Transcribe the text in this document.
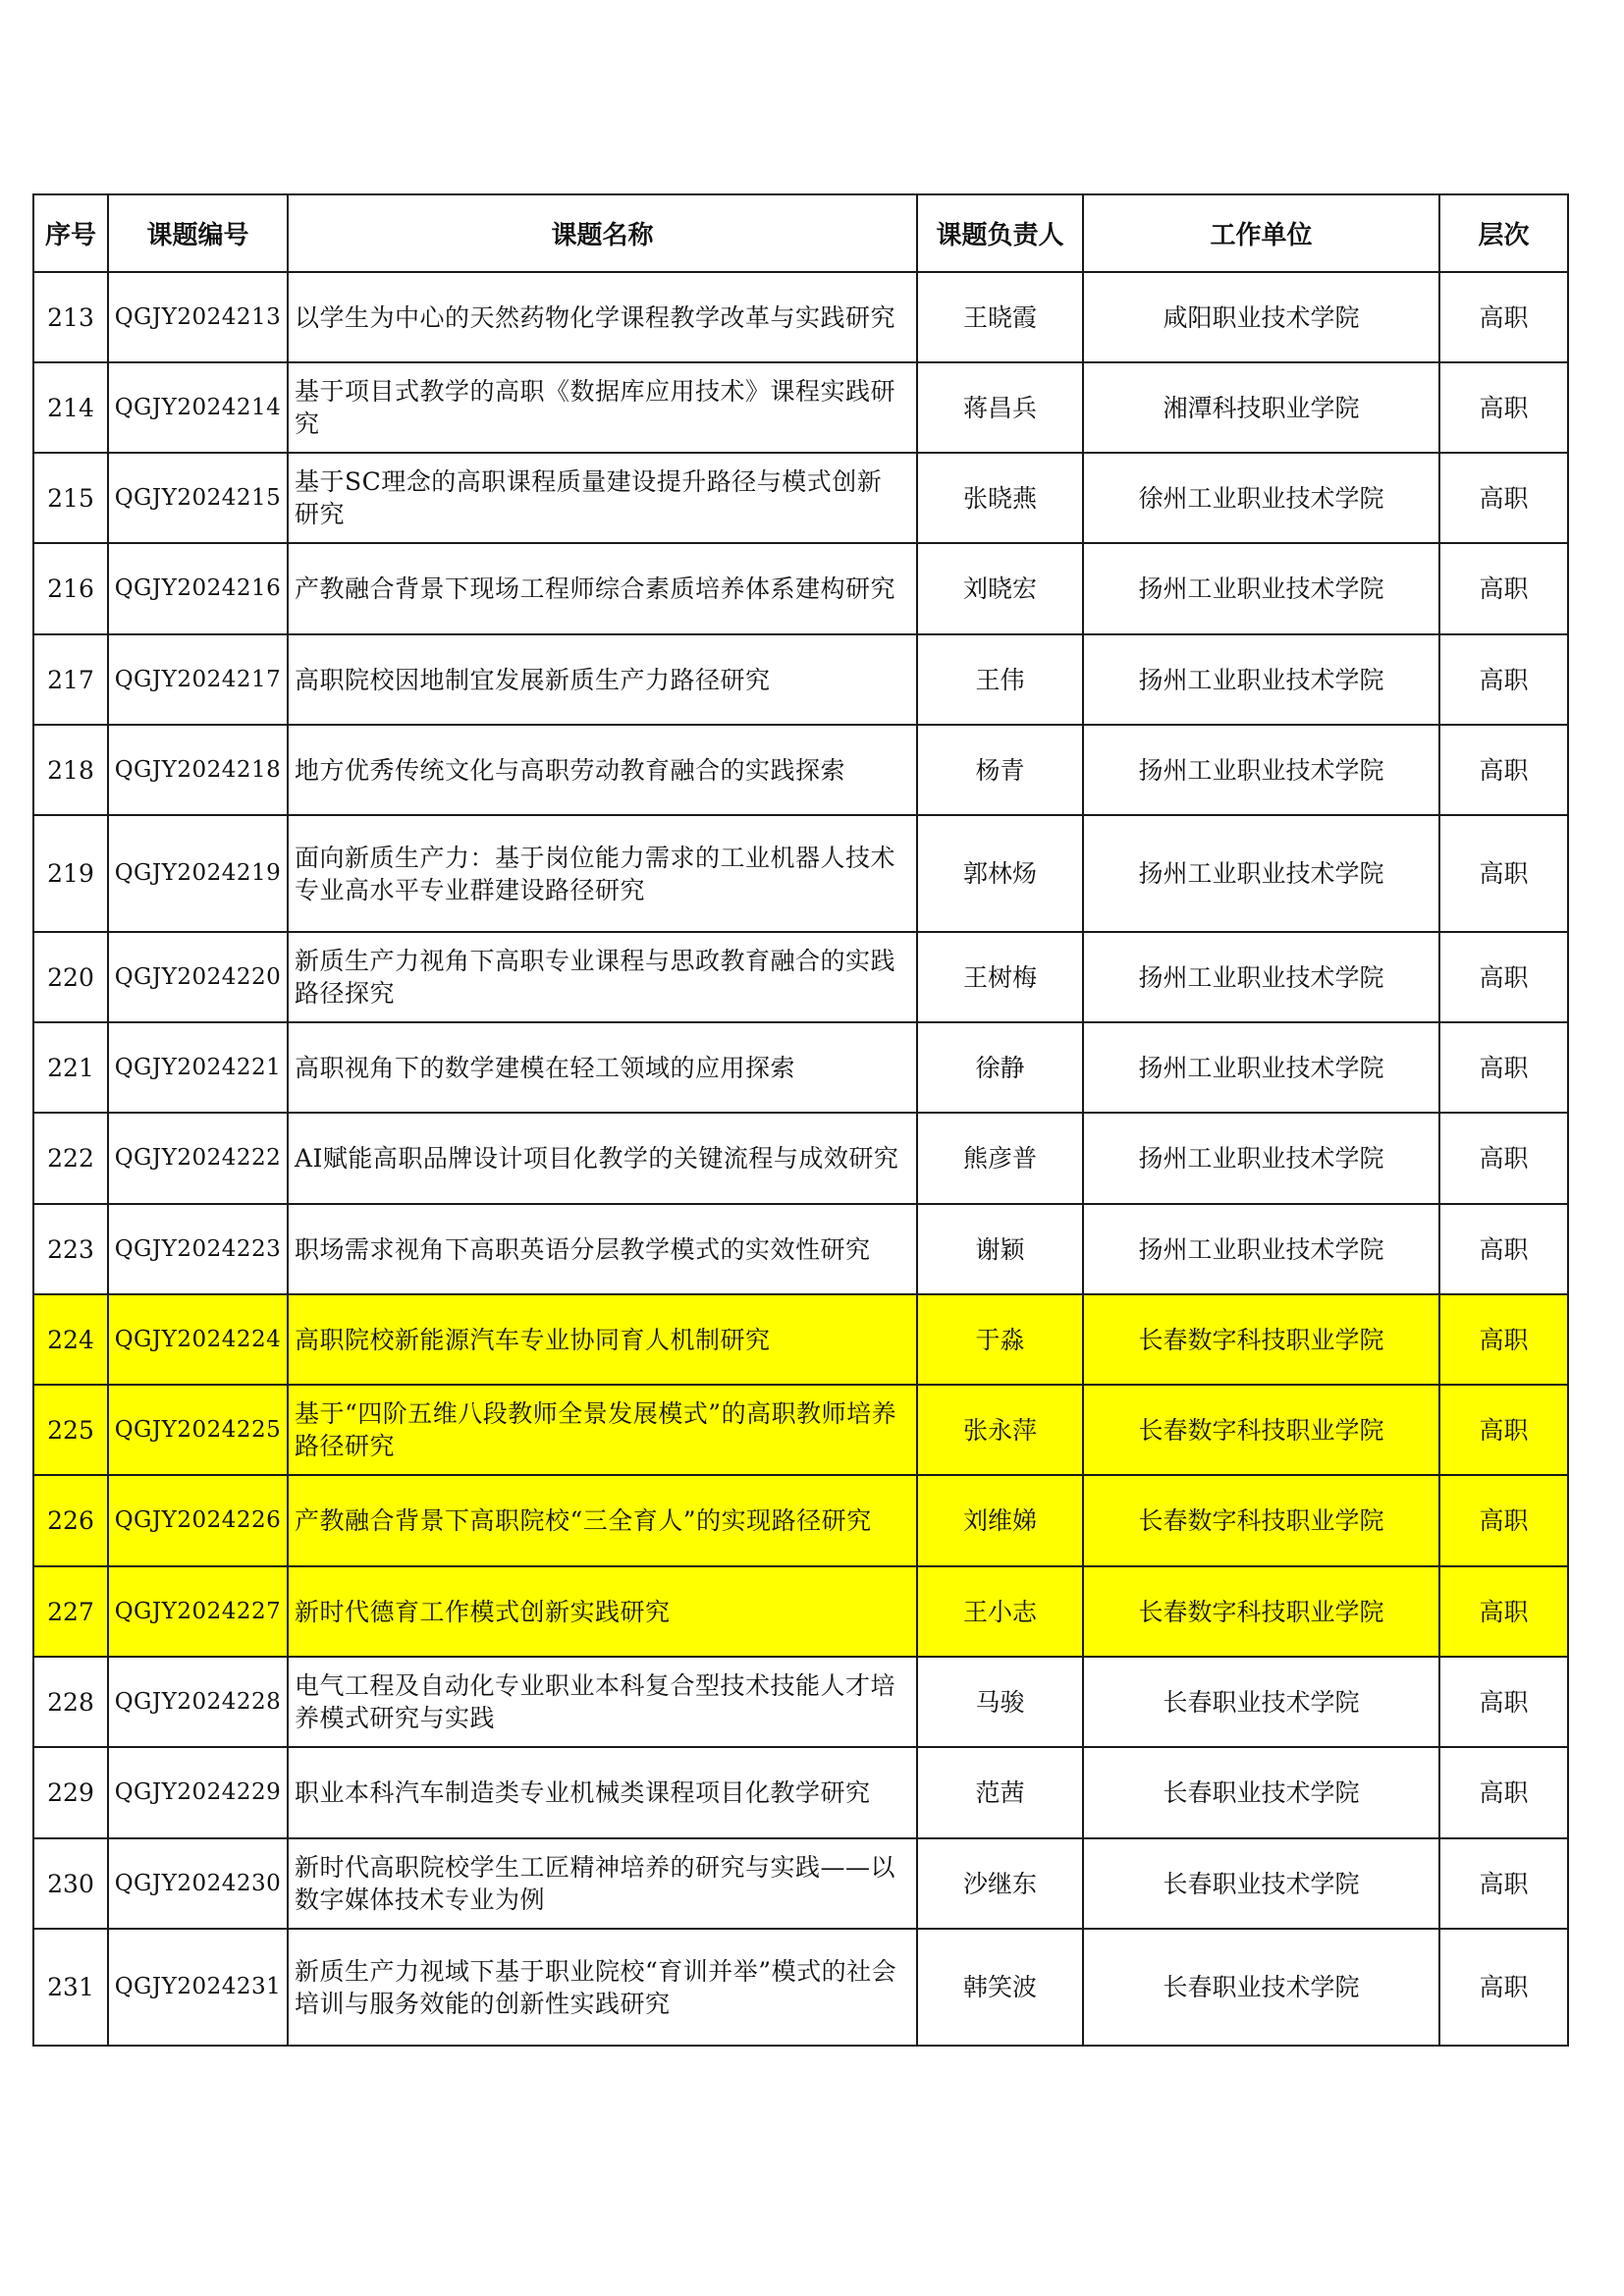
序号	课题编号	课题名称	课题负责人	工作单位	层次
213	QGJY2024213	以学生为中心的天然药物化学课程教学改革与实践研究	王晓霞	咸阳职业技术学院	高职
214	QGJY2024214	基于项目式教学的高职《数据库应用技术》课程实践研究	蒋昌兵	湘潭科技职业学院	高职
215	QGJY2024215	基于SC理念的高职课程质量建设提升路径与模式创新研究	张晓燕	徐州工业职业技术学院	高职
216	QGJY2024216	产教融合背景下现场工程师综合素质培养体系建构研究	刘晓宏	扬州工业职业技术学院	高职
217	QGJY2024217	高职院校因地制宜发展新质生产力路径研究	王伟	扬州工业职业技术学院	高职
218	QGJY2024218	地方优秀传统文化与高职劳动教育融合的实践探索	杨青	扬州工业职业技术学院	高职
219	QGJY2024219	面向新质生产力：基于岗位能力需求的工业机器人技术专业高水平专业群建设路径研究	郭林炀	扬州工业职业技术学院	高职
220	QGJY2024220	新质生产力视角下高职专业课程与思政教育融合的实践路径探究	王树梅	扬州工业职业技术学院	高职
221	QGJY2024221	高职视角下的数学建模在轻工领域的应用探索	徐静	扬州工业职业技术学院	高职
222	QGJY2024222	AI赋能高职品牌设计项目化教学的关键流程与成效研究	熊彦普	扬州工业职业技术学院	高职
223	QGJY2024223	职场需求视角下高职英语分层教学模式的实效性研究	谢颖	扬州工业职业技术学院	高职
224	QGJY2024224	高职院校新能源汽车专业协同育人机制研究	于淼	长春数字科技职业学院	高职
225	QGJY2024225	基于“四阶五维八段教师全景发展模式”的高职教师培养路径研究	张永萍	长春数字科技职业学院	高职
226	QGJY2024226	产教融合背景下高职院校“三全育人”的实现路径研究	刘维娣	长春数字科技职业学院	高职
227	QGJY2024227	新时代德育工作模式创新实践研究	王小志	长春数字科技职业学院	高职
228	QGJY2024228	电气工程及自动化专业职业本科复合型技术技能人才培养模式研究与实践	马骏	长春职业技术学院	高职
229	QGJY2024229	职业本科汽车制造类专业机械类课程项目化教学研究	范茜	长春职业技术学院	高职
230	QGJY2024230	新时代高职院校学生工匠精神培养的研究与实践——以数字媒体技术专业为例	沙继东	长春职业技术学院	高职
231	QGJY2024231	新质生产力视域下基于职业院校“育训并举”模式的社会培训与服务效能的创新性实践研究	韩笑波	长春职业技术学院	高职
